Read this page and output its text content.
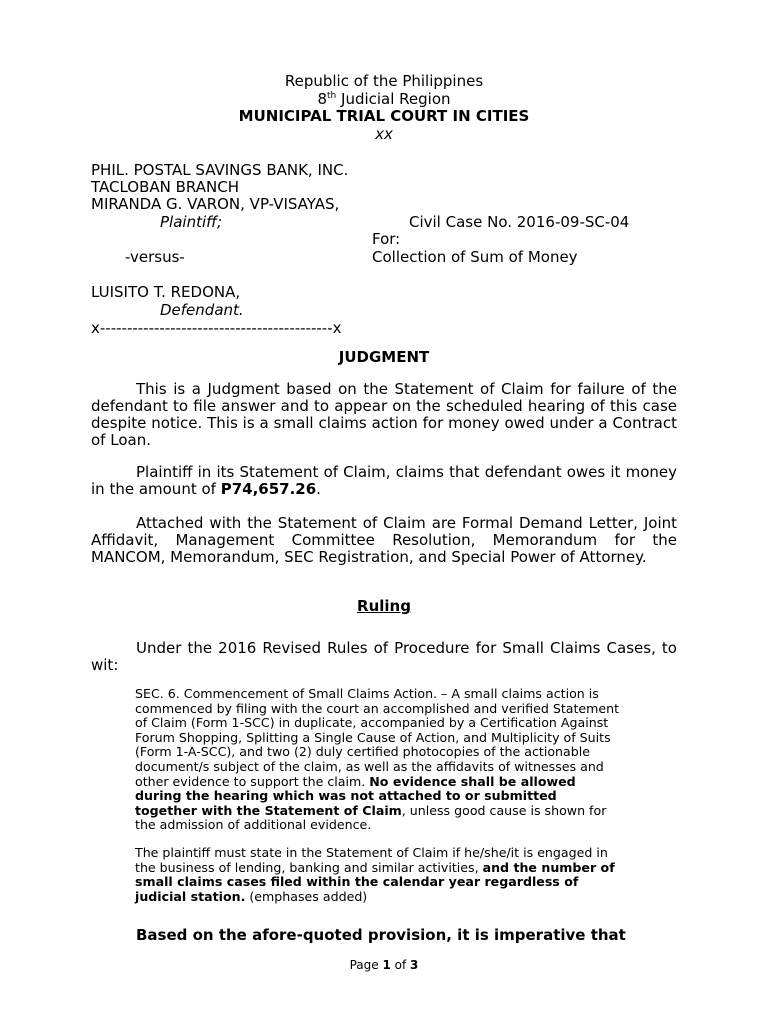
Republic of the Philippines
8th Judicial Region
MUNICIPAL TRIAL COURT IN CITIES
xx
PHIL. POSTAL SAVINGS BANK, INC.
TACLOBAN BRANCH
MIRANDA G. VARON, VP-VISAYAS,
Plaintiff;	Civil Case No. 2016-09-SC-04
For:
-versus-	Collection of Sum of Money
LUISITO T. REDONA,
Defendant.
x-------------------------------------------x
JUDGMENT
This is a Judgment based on the Statement of Claim for failure of the defendant to file answer and to appear on the scheduled hearing of this case despite notice. This is a small claims action for money owed under a Contract of Loan.
Plaintiff in its Statement of Claim, claims that defendant owes it money in the amount of P74,657.26.
Attached with the Statement of Claim are Formal Demand Letter, Joint Affidavit, Management Committee Resolution, Memorandum for the MANCOM, Memorandum, SEC Registration, and Special Power of Attorney.
Ruling
Under the 2016 Revised Rules of Procedure for Small Claims Cases, to wit:

SEC. 6. Commencement of Small Claims Action. – A small claims action is commenced by filing with the court an accomplished and verified Statement of Claim (Form 1-SCC) in duplicate, accompanied by a Certification Against Forum Shopping, Splitting a Single Cause of Action, and Multiplicity of Suits (Form 1-A-SCC), and two (2) duly certified photocopies of the actionable document/s subject of the claim, as well as the affidavits of witnesses and other evidence to support the claim. No evidence shall be allowed during the hearing which was not attached to or submitted together with the Statement of Claim, unless good cause is shown for the admission of additional evidence.

The plaintiff must state in the Statement of Claim if he/she/it is engaged in the business of lending, banking and similar activities, and the number of small claims cases filed within the calendar year regardless of judicial station. (emphases added)

Based on the afore-quoted provision, it is imperative that
Page 1 of 3
